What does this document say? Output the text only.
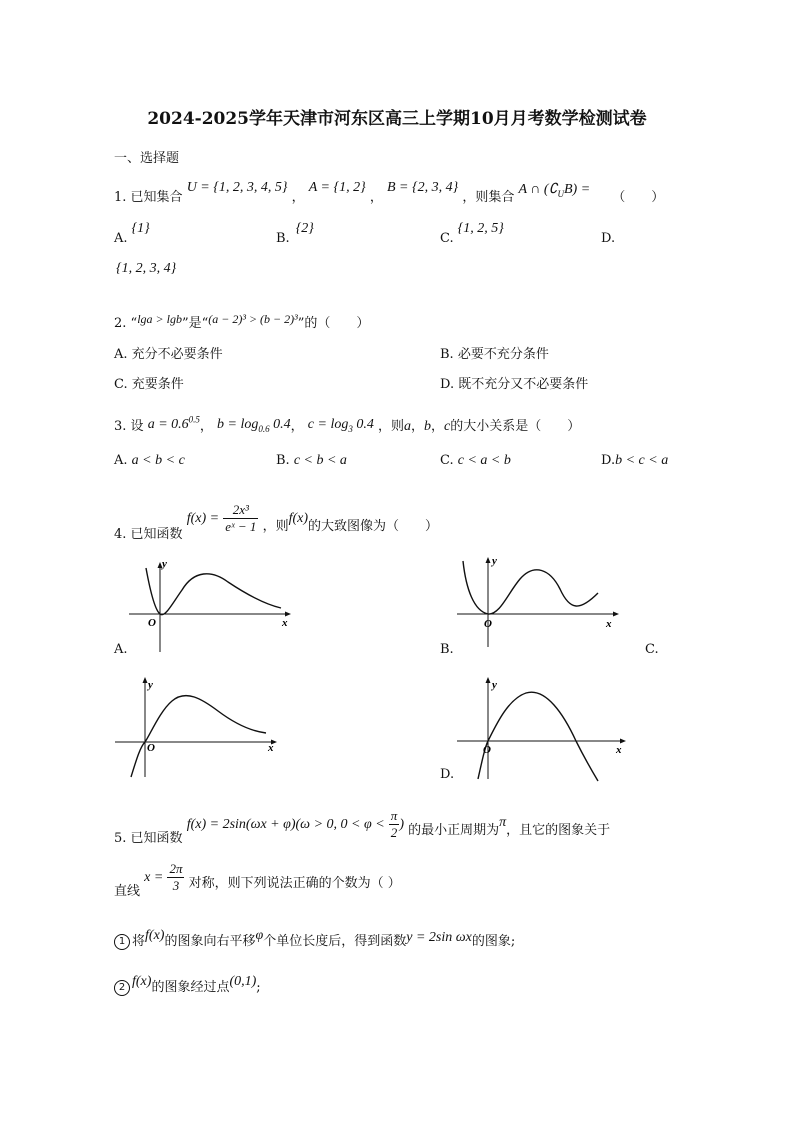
2024-2025学年天津市河东区高三上学期10月月考数学检测试卷
一、选择题
1. 已知集合 U = {1, 2, 3, 4, 5} ， A = {1, 2} ， B = {2, 3, 4} ，则集合 A ∩ $(∁_UB)$ = （　　）
A.{1}
B.{2}
C.{1, 2, 5}
D.
{1, 2, 3, 4}
2. “lga > lgb”是“(a − 2)³ > (b − 2)³”的（　　）
A. 充分不必要条件	B. 必要不充分条件
C. 充要条件	D. 既不充分又不必要条件
3. 设 $a = 0.6^{0.5}$， $b = \log_{0.6} 0.4$， $c = \log_3 0.4$ ，则a，b，c的大小关系是（　　）
A. a < b < c	B. c < b < a	C. c < a < b	D.b < c < a
4. 已知函数 $f(x) = \frac{\text{2x³}}{\text{eˣ − 1}}$ ，则f(x)的大致图像为（　　）
y
x
O
A.
y
x
O
B.	C.
y
x
O
y
x
O
D.
5. 已知函数 f(x) = 2sin(ωx + φ)(ω > 0, $0 < \varphi < \frac{\pi}{2}$ ) 的最小正周期为π，且它的图象关于
直线 $x = \frac{2\pi}{3}$ 对称，则下列说法正确的个数为（ ）
1 将f(x)的图象向右平移φ个单位长度后，得到函数y = 2sin ωx的图象;
2 f(x)的图象经过点(0,1);
